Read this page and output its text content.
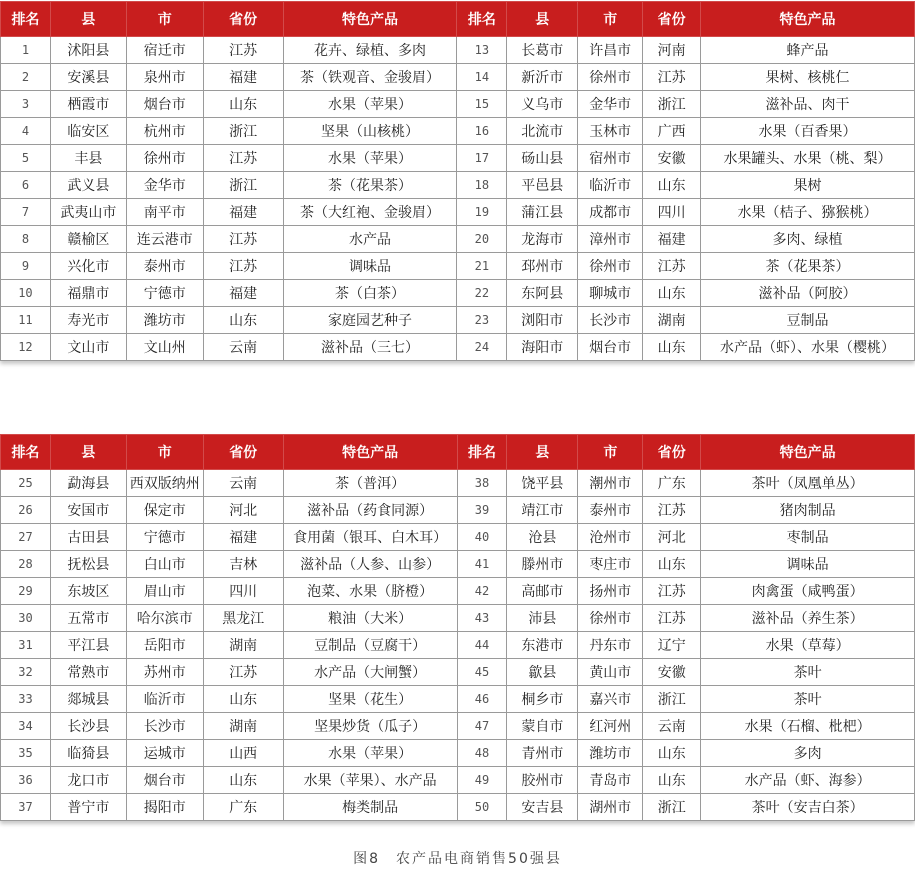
排名	县	市	省份	特色产品	排名	县	市	省份	特色产品
1	沭阳县	宿迁市	江苏	花卉、绿植、多肉	13	长葛市	许昌市	河南	蜂产品
2	安溪县	泉州市	福建	茶（铁观音、金骏眉）	14	新沂市	徐州市	江苏	果树、核桃仁
3	栖霞市	烟台市	山东	水果（苹果）	15	义乌市	金华市	浙江	滋补品、肉干
4	临安区	杭州市	浙江	坚果（山核桃）	16	北流市	玉林市	广西	水果（百香果）
5	丰县	徐州市	江苏	水果（苹果）	17	砀山县	宿州市	安徽	水果罐头、水果（桃、梨）
6	武义县	金华市	浙江	茶（花果茶）	18	平邑县	临沂市	山东	果树
7	武夷山市	南平市	福建	茶（大红袍、金骏眉）	19	蒲江县	成都市	四川	水果（桔子、猕猴桃）
8	赣榆区	连云港市	江苏	水产品	20	龙海市	漳州市	福建	多肉、绿植
9	兴化市	泰州市	江苏	调味品	21	邳州市	徐州市	江苏	茶（花果茶）
10	福鼎市	宁德市	福建	茶（白茶）	22	东阿县	聊城市	山东	滋补品（阿胶）
11	寿光市	潍坊市	山东	家庭园艺种子	23	浏阳市	长沙市	湖南	豆制品
12	文山市	文山州	云南	滋补品（三七）	24	海阳市	烟台市	山东	水产品（虾）、水果（樱桃）
排名	县	市	省份	特色产品	排名	县	市	省份	特色产品
25	勐海县	西双版纳州	云南	茶（普洱）	38	饶平县	潮州市	广东	茶叶（凤凰单丛）
26	安国市	保定市	河北	滋补品（药食同源）	39	靖江市	泰州市	江苏	猪肉制品
27	古田县	宁德市	福建	食用菌（银耳、白木耳）	40	沧县	沧州市	河北	枣制品
28	抚松县	白山市	吉林	滋补品（人参、山参）	41	滕州市	枣庄市	山东	调味品
29	东坡区	眉山市	四川	泡菜、水果（脐橙）	42	高邮市	扬州市	江苏	肉禽蛋（咸鸭蛋）
30	五常市	哈尔滨市	黑龙江	粮油（大米）	43	沛县	徐州市	江苏	滋补品（养生茶）
31	平江县	岳阳市	湖南	豆制品（豆腐干）	44	东港市	丹东市	辽宁	水果（草莓）
32	常熟市	苏州市	江苏	水产品（大闸蟹）	45	歙县	黄山市	安徽	茶叶
33	郯城县	临沂市	山东	坚果（花生）	46	桐乡市	嘉兴市	浙江	茶叶
34	长沙县	长沙市	湖南	坚果炒货（瓜子）	47	蒙自市	红河州	云南	水果（石榴、枇杷）
35	临猗县	运城市	山西	水果（苹果）	48	青州市	潍坊市	山东	多肉
36	龙口市	烟台市	山东	水果（苹果）、水产品	49	胶州市	青岛市	山东	水产品（虾、海参）
37	普宁市	揭阳市	广东	梅类制品	50	安吉县	湖州市	浙江	茶叶（安吉白茶）
图8　农产品电商销售50强县
